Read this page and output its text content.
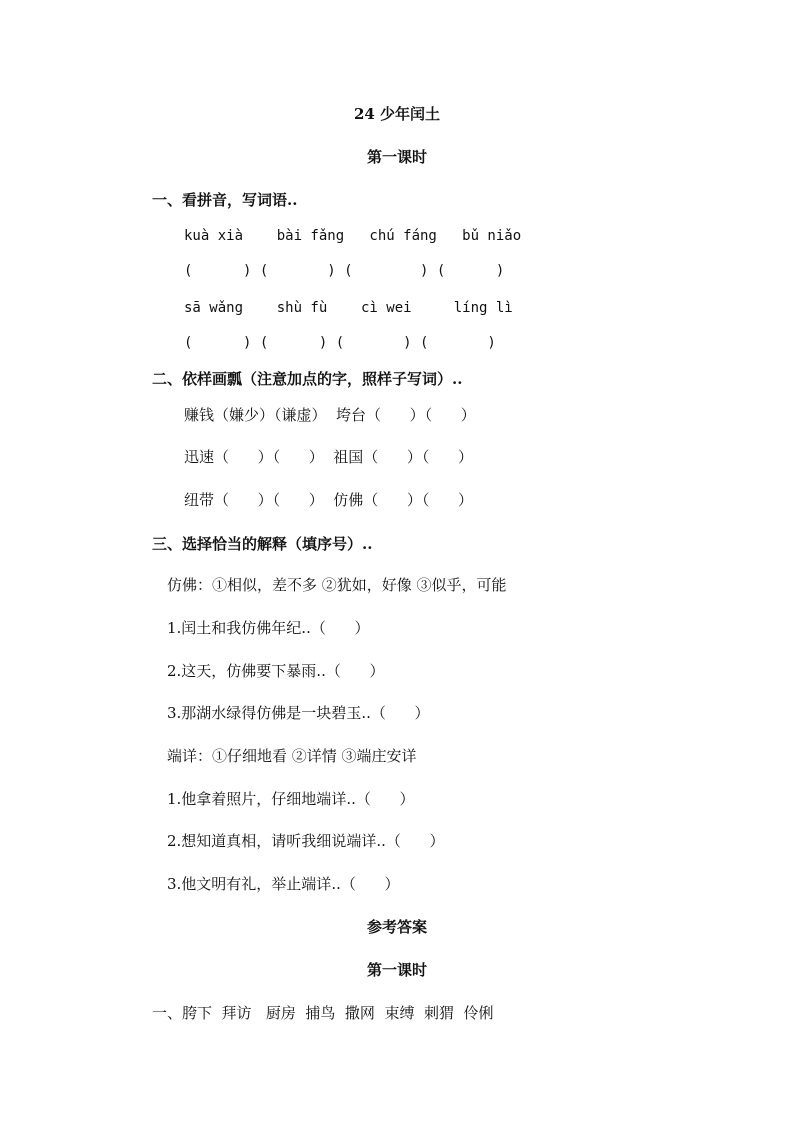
24 少年闰土
第一课时
一、看拼音，写词语..
kuà xià    bài fǎng   chú fáng   bǔ niǎo
(      ) (       ) (        ) (      )
sā wǎng    shù fù    cì wei     líng lì
(      ) (      ) (       ) (       )
二、依样画瓢（注意加点的字，照样子写词）..
赚钱（嫌少）（谦虚）  垮台（      ）（      ）
迅速（      ）（      ）  祖国（      ）（      ）
纽带（      ）（      ）  仿佛（      ）（      ）
三、选择恰当的解释（填序号）..
仿佛：①相似，差不多 ②犹如，好像 ③似乎，可能
1.闰土和我仿佛年纪..（      ）
2.这天，仿佛要下暴雨..（      ）
3.那湖水绿得仿佛是一块碧玉..（      ）
端详：①仔细地看 ②详情 ③端庄安详
1.他拿着照片，仔细地端详..（      ）
2.想知道真相，请听我细说端详..（      ）
3.他文明有礼，举止端详..（      ）
参考答案
第一课时
一、胯下  拜访   厨房  捕鸟  撒网  束缚  刺猬  伶俐
